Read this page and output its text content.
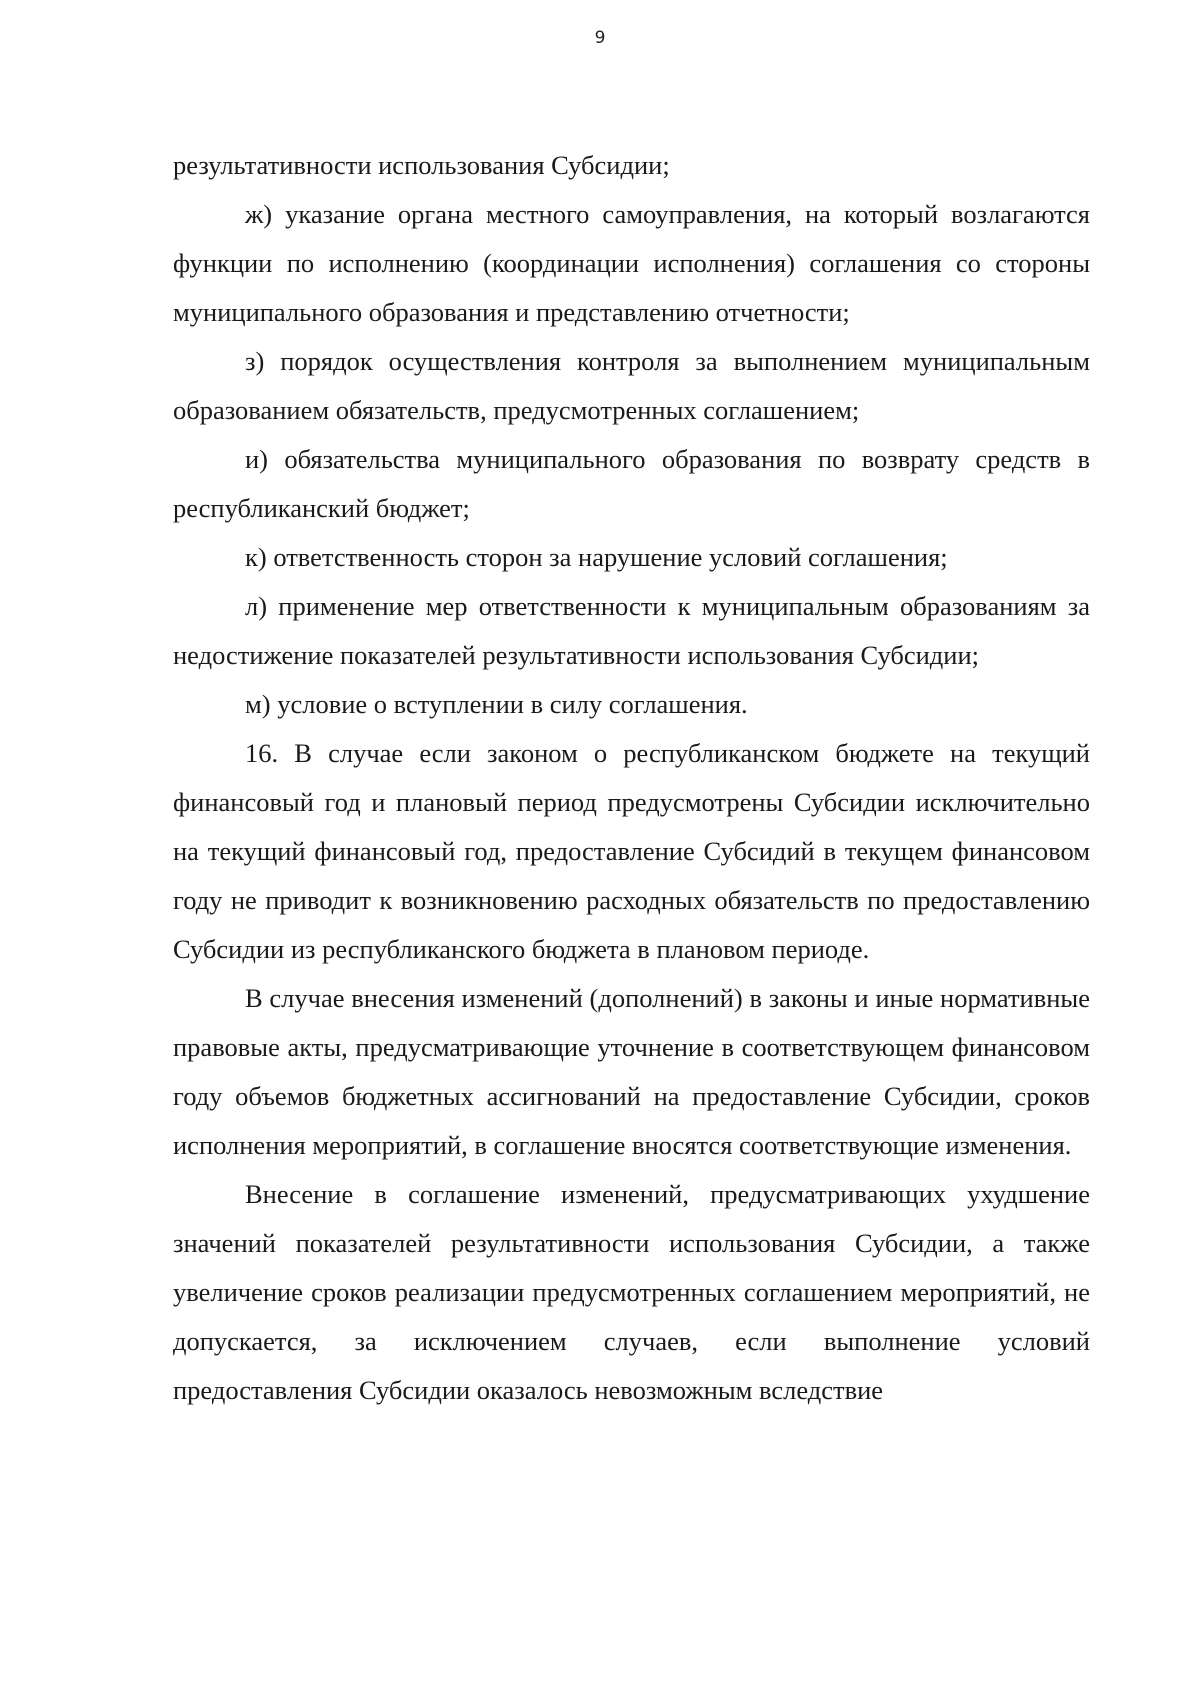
9

результативности использования Субсидии;

ж) указание органа местного самоуправления, на который возлагаются функции по исполнению (координации исполнения) соглашения со стороны муниципального образования и представлению отчетности;

з) порядок осуществления контроля за выполнением муниципальным образованием обязательств, предусмотренных соглашением;

и) обязательства муниципального образования по возврату средств в республиканский бюджет;

к) ответственность сторон за нарушение условий соглашения;

л) применение мер ответственности к муниципальным образованиям за недостижение показателей результативности использования Субсидии;

м) условие о вступлении в силу соглашения.

16. В случае если законом о республиканском бюджете на текущий финансовый год и плановый период предусмотрены Субсидии исключительно на текущий финансовый год, предоставление Субсидий в текущем финансовом году не приводит к возникновению расходных обязательств по предоставлению Субсидии из республиканского бюджета в плановом периоде.

В случае внесения изменений (дополнений) в законы и иные нормативные правовые акты, предусматривающие уточнение в соответствующем финансовом году объемов бюджетных ассигнований на предоставление Субсидии, сроков исполнения мероприятий, в соглашение вносятся соответствующие изменения.

Внесение в соглашение изменений, предусматривающих ухудшение значений показателей результативности использования Субсидии, а также увеличение сроков реализации предусмотренных соглашением мероприятий, не допускается, за исключением случаев, если выполнение условий предоставления Субсидии оказалось невозможным вследствие
